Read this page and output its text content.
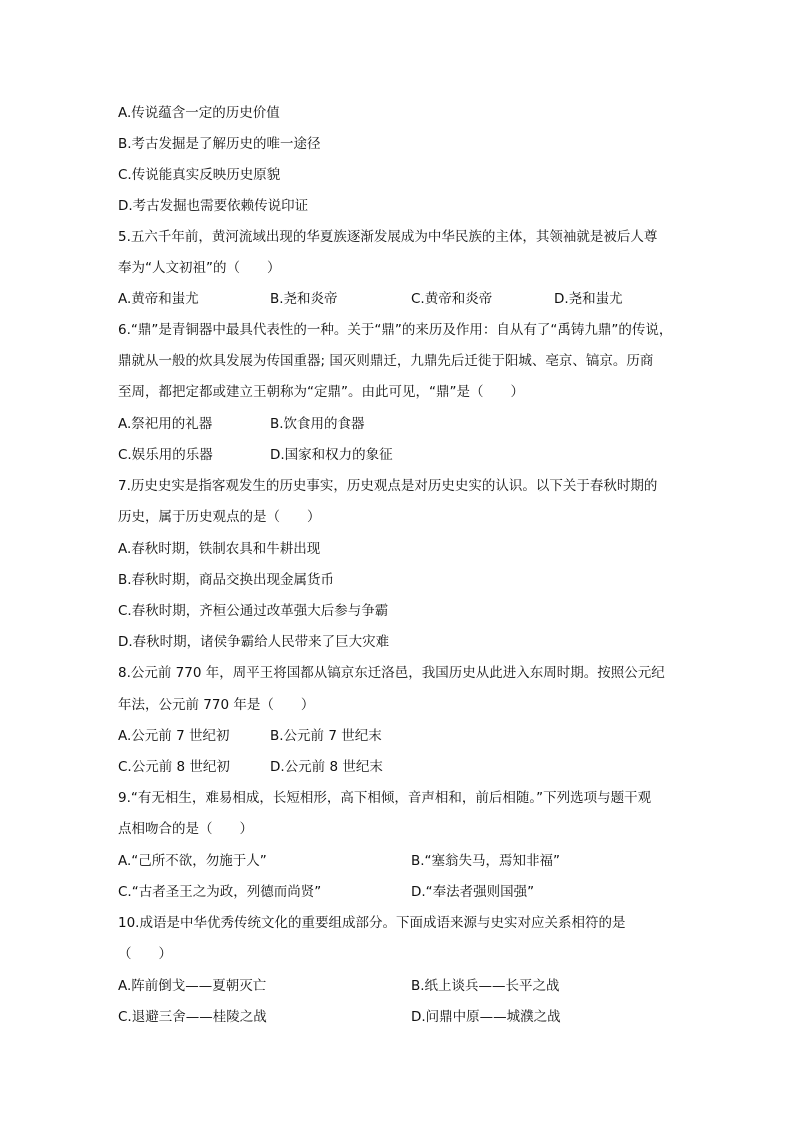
A.传说蕴含一定的历史价值
B.考古发掘是了解历史的唯一途径
C.传说能真实反映历史原貌
D.考古发掘也需要依赖传说印证
5.五六千年前，黄河流域出现的华夏族逐渐发展成为中华民族的主体，其领袖就是被后人尊
奉为“人文初祖”的（　　）
A.黄帝和蚩尤	B.尧和炎帝	C.黄帝和炎帝	D.尧和蚩尤
6.“鼎”是青铜器中最具代表性的一种。关于“鼎”的来历及作用：自从有了“禹铸九鼎”的传说，
鼎就从一般的炊具发展为传国重器; 国灭则鼎迁，九鼎先后迁徙于阳城、亳京、镐京。历商
至周，都把定都或建立王朝称为“定鼎”。由此可见，“鼎”是（　　）
A.祭祀用的礼器	B.饮食用的食器
C.娱乐用的乐器	D.国家和权力的象征
7.历史史实是指客观发生的历史事实，历史观点是对历史史实的认识。以下关于春秋时期的
历史，属于历史观点的是（　　）
A.春秋时期，铁制农具和牛耕出现
B.春秋时期，商品交换出现金属货币
C.春秋时期，齐桓公通过改革强大后参与争霸
D.春秋时期，诸侯争霸给人民带来了巨大灾难
8.公元前 770 年，周平王将国都从镐京东迁洛邑，我国历史从此进入东周时期。按照公元纪
年法，公元前 770 年是（　　）
A.公元前 7 世纪初	B.公元前 7 世纪末
C.公元前 8 世纪初	D.公元前 8 世纪末
9.“有无相生，难易相成，长短相形，高下相倾，音声相和，前后相随。”下列选项与题干观
点相吻合的是（　　）
A.“己所不欲，勿施于人”	B.“塞翁失马，焉知非福”
C.“古者圣王之为政，列德而尚贤”	D.“奉法者强则国强”
10.成语是中华优秀传统文化的重要组成部分。下面成语来源与史实对应关系相符的是
（　　）
A.阵前倒戈——夏朝灭亡	B.纸上谈兵——长平之战
C.退避三舍——桂陵之战	D.问鼎中原——城濮之战
